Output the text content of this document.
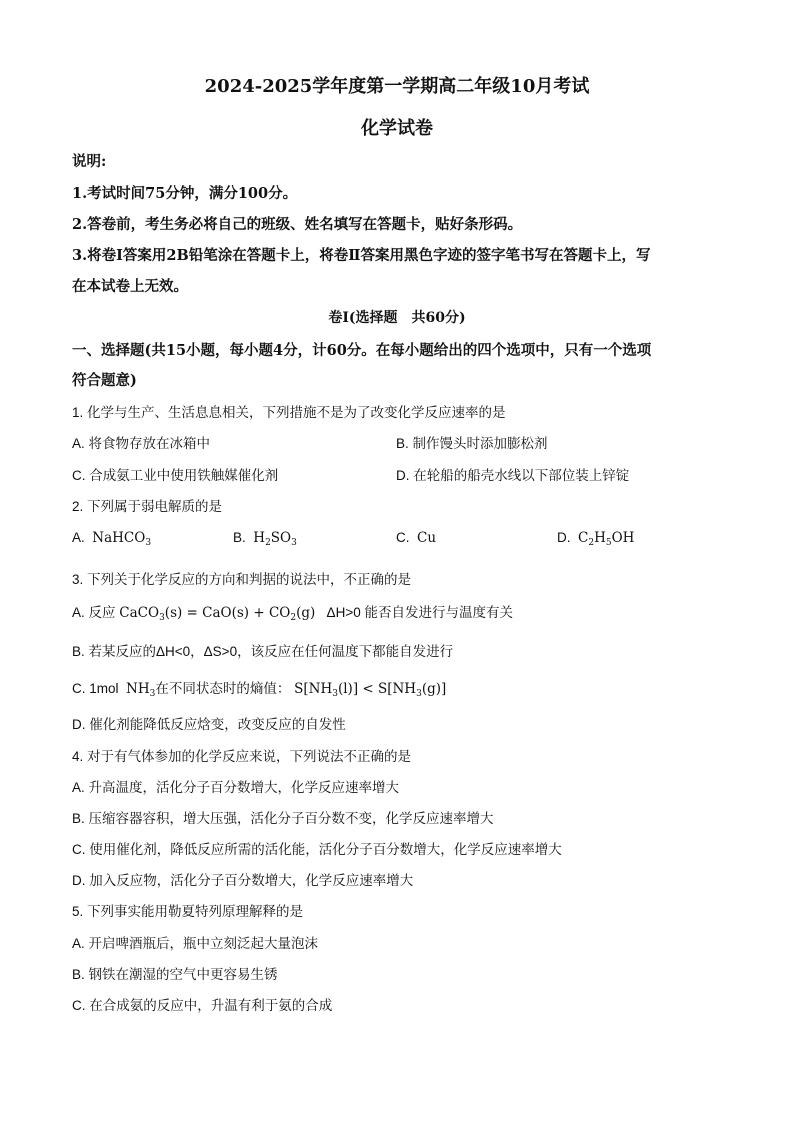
2024-2025学年度第一学期高二年级10月考试
化学试卷
说明:
1.考试时间75分钟，满分100分。
2.答卷前，考生务必将自己的班级、姓名填写在答题卡，贴好条形码。
3.将卷Ⅰ答案用2B铅笔涂在答题卡上，将卷Ⅱ答案用黑色字迹的签字笔书写在答题卡上，写
在本试卷上无效。
卷Ⅰ(选择题　共60分)
一、选择题(共15小题，每小题4分，计60分。在每小题给出的四个选项中，只有一个选项
符合题意)
1. 化学与生产、生活息息相关，下列措施不是为了改变化学反应速率的是
A. 将食物存放在冰箱中	B. 制作馒头时添加膨松剂
C. 合成氨工业中使用铁触媒催化剂	D. 在轮船的船壳水线以下部位装上锌锭
2. 下列属于弱电解质的是
A. NaHCO$_3$	B. $H_2SO_3$	C. Cu	D. $C_2H_5OH$
3. 下列关于化学反应的方向和判据的说法中，不正确的是
A. 反应 CaCO$_3$(s) = $CaO(s) + CO_2(g)$ ΔH>0 能否自发进行与温度有关
B. 若某反应的ΔH<0，ΔS>0，该反应在任何温度下都能自发进行
C. 1mol $NH_3$在不同状态时的熵值： $S[NH_3(l)] < S[NH_3(g)]$
D. 催化剂能降低反应焓变，改变反应的自发性
4. 对于有气体参加的化学反应来说，下列说法不正确的是
A. 升高温度，活化分子百分数增大，化学反应速率增大
B. 压缩容器容积，增大压强，活化分子百分数不变，化学反应速率增大
C. 使用催化剂，降低反应所需的活化能，活化分子百分数增大，化学反应速率增大
D. 加入反应物，活化分子百分数增大，化学反应速率增大
5. 下列事实能用勒夏特列原理解释的是
A. 开启啤酒瓶后，瓶中立刻泛起大量泡沫
B. 钢铁在潮湿的空气中更容易生锈
C. 在合成氨的反应中，升温有利于氨的合成
